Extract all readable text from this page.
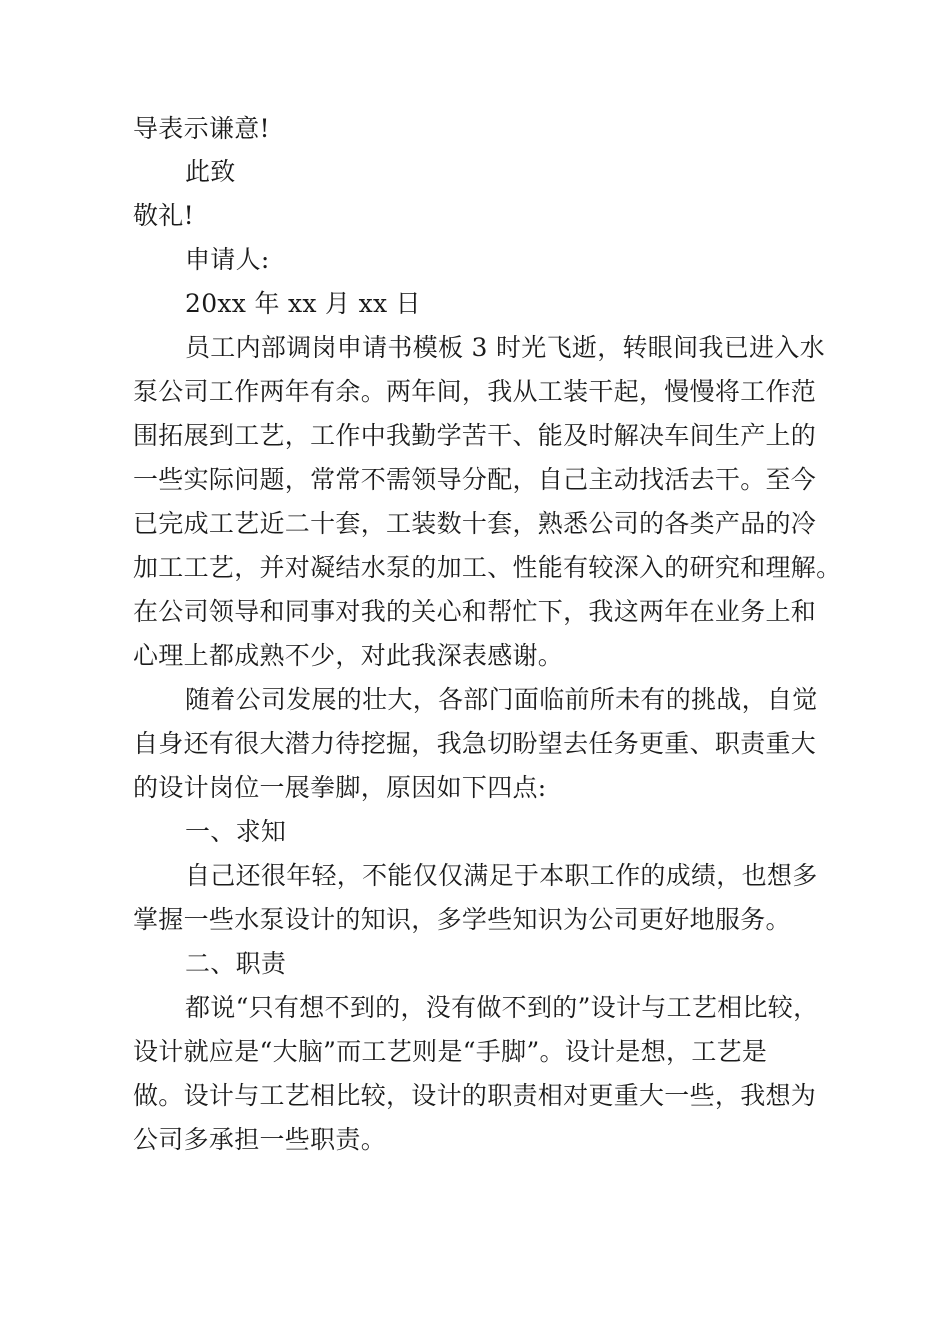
导表示谦意!
此致
敬礼!
申请人:
20xx 年 xx 月 xx 日
员工内部调岗申请书模板 3 时光飞逝，转眼间我已进入水
泵公司工作两年有余。两年间，我从工装干起，慢慢将工作范
围拓展到工艺，工作中我勤学苦干、能及时解决车间生产上的
一些实际问题，常常不需领导分配，自己主动找活去干。至今
已完成工艺近二十套，工装数十套，熟悉公司的各类产品的冷
加工工艺，并对凝结水泵的加工、性能有较深入的研究和理解。
在公司领导和同事对我的关心和帮忙下，我这两年在业务上和
心理上都成熟不少，对此我深表感谢。
随着公司发展的壮大，各部门面临前所未有的挑战，自觉
自身还有很大潜力待挖掘，我急切盼望去任务更重、职责重大
的设计岗位一展拳脚，原因如下四点:
一、求知
自己还很年轻，不能仅仅满足于本职工作的成绩，也想多
掌握一些水泵设计的知识，多学些知识为公司更好地服务。
二、职责
都说“只有想不到的，没有做不到的”设计与工艺相比较，
设计就应是“大脑”而工艺则是“手脚”。设计是想，工艺是
做。设计与工艺相比较，设计的职责相对更重大一些，我想为
公司多承担一些职责。
